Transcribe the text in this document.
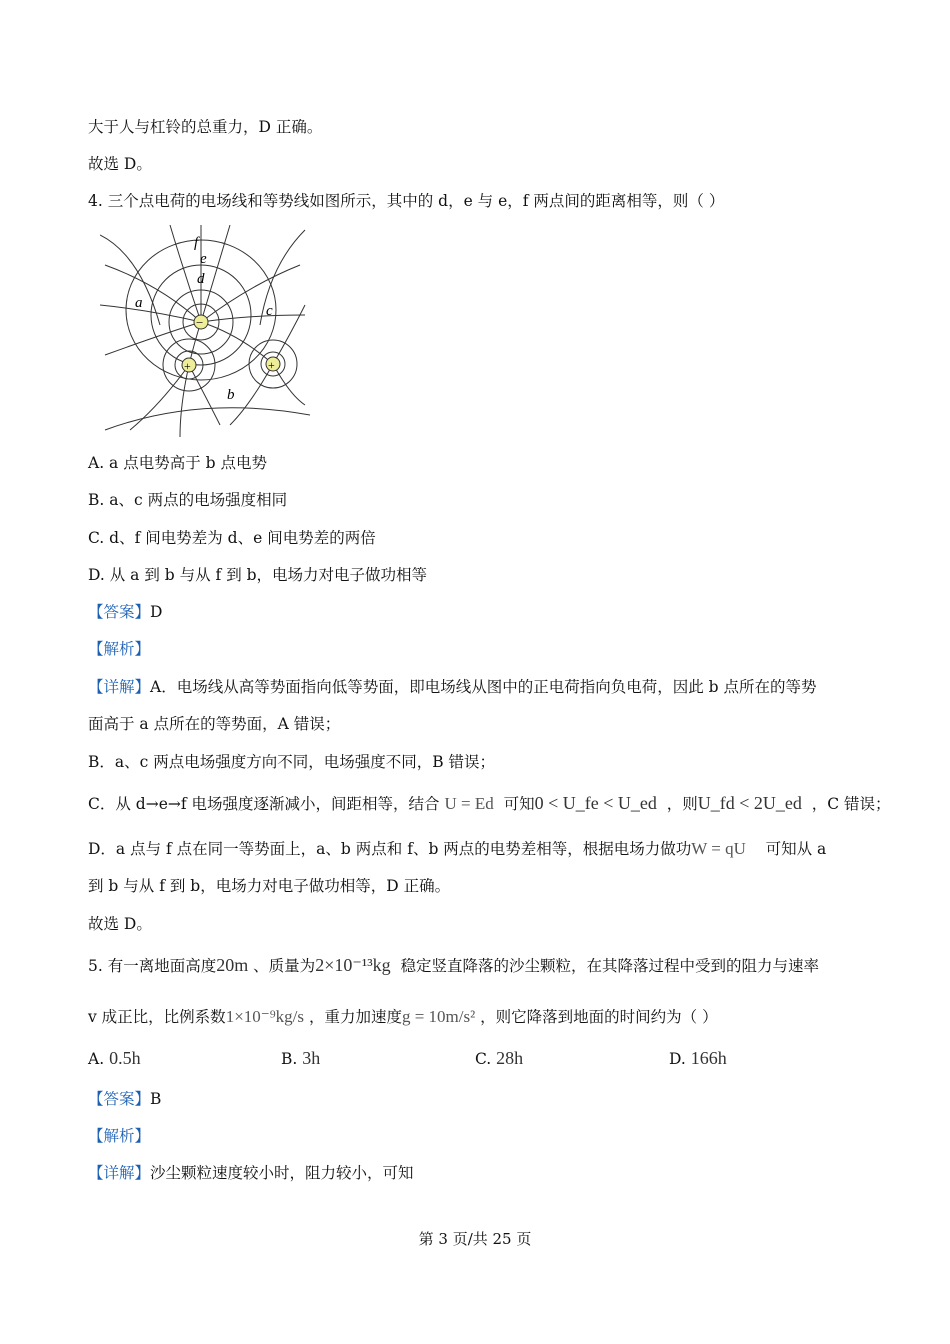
大于人与杠铃的总重力，D 正确。
故选 D。
4. 三个点电荷的电场线和等势线如图所示，其中的 d，e 与 e，f 两点间的距离相等，则（ ）
−
+	+
f
e
d
a	c
b
A. a 点电势高于 b 点电势
B. a、c 两点的电场强度相同
C. d、f 间电势差为 d、e 间电势差的两倍
D. 从 a 到 b 与从 f 到 b，电场力对电子做功相等
【答案】D
【解析】
【详解】A．电场线从高等势面指向低等势面，即电场线从图中的正电荷指向负电荷，因此 b 点所在的等势
面高于 a 点所在的等势面，A 错误；
B．a、c 两点电场强度方向不同，电场强度不同，B 错误；
C．从 d→e→f 电场强度逐渐减小，间距相等，结合 U = Ed 可知0 < U_fe < U_ed ，则U_fd < 2U_ed ，C 错误；
D．a 点与 f 点在同一等势面上，a、b 两点和 f、b 两点的电势差相等，根据电场力做功W = qU 可知从 a
到 b 与从 f 到 b，电场力对电子做功相等，D 正确。
故选 D。
5. 有一离地面高度20m 、质量为2×10⁻¹³kg 稳定竖直降落的沙尘颗粒，在其降落过程中受到的阻力与速率
v 成正比，比例系数1×10⁻⁹kg/s ，重力加速度g = 10m/s² ，则它降落到地面的时间约为（ ）
A. 0.5h	B. 3h	C. 28h	D. 166h
【答案】B
【解析】
【详解】沙尘颗粒速度较小时，阻力较小，可知
第 3 页/共 25 页
